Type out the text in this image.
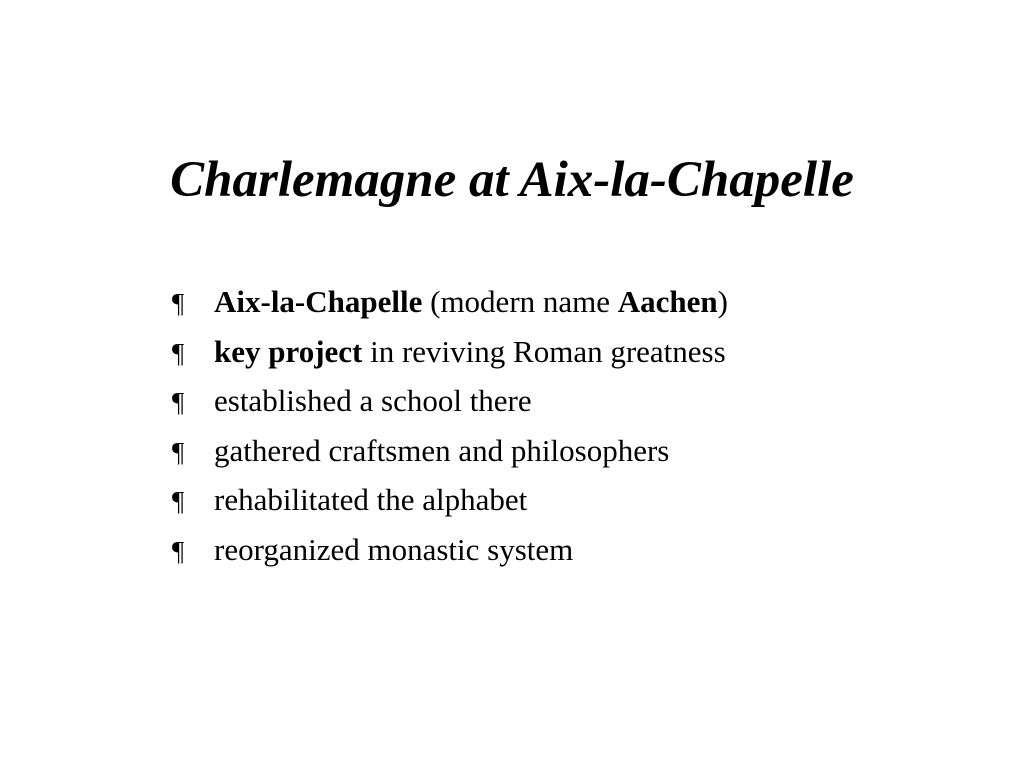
Charlemagne at Aix-la-Chapelle
¶ Aix-la-Chapelle (modern name Aachen)
¶ key project in reviving Roman greatness
¶ established a school there
¶ gathered craftsmen and philosophers
¶ rehabilitated the alphabet
¶ reorganized monastic system
